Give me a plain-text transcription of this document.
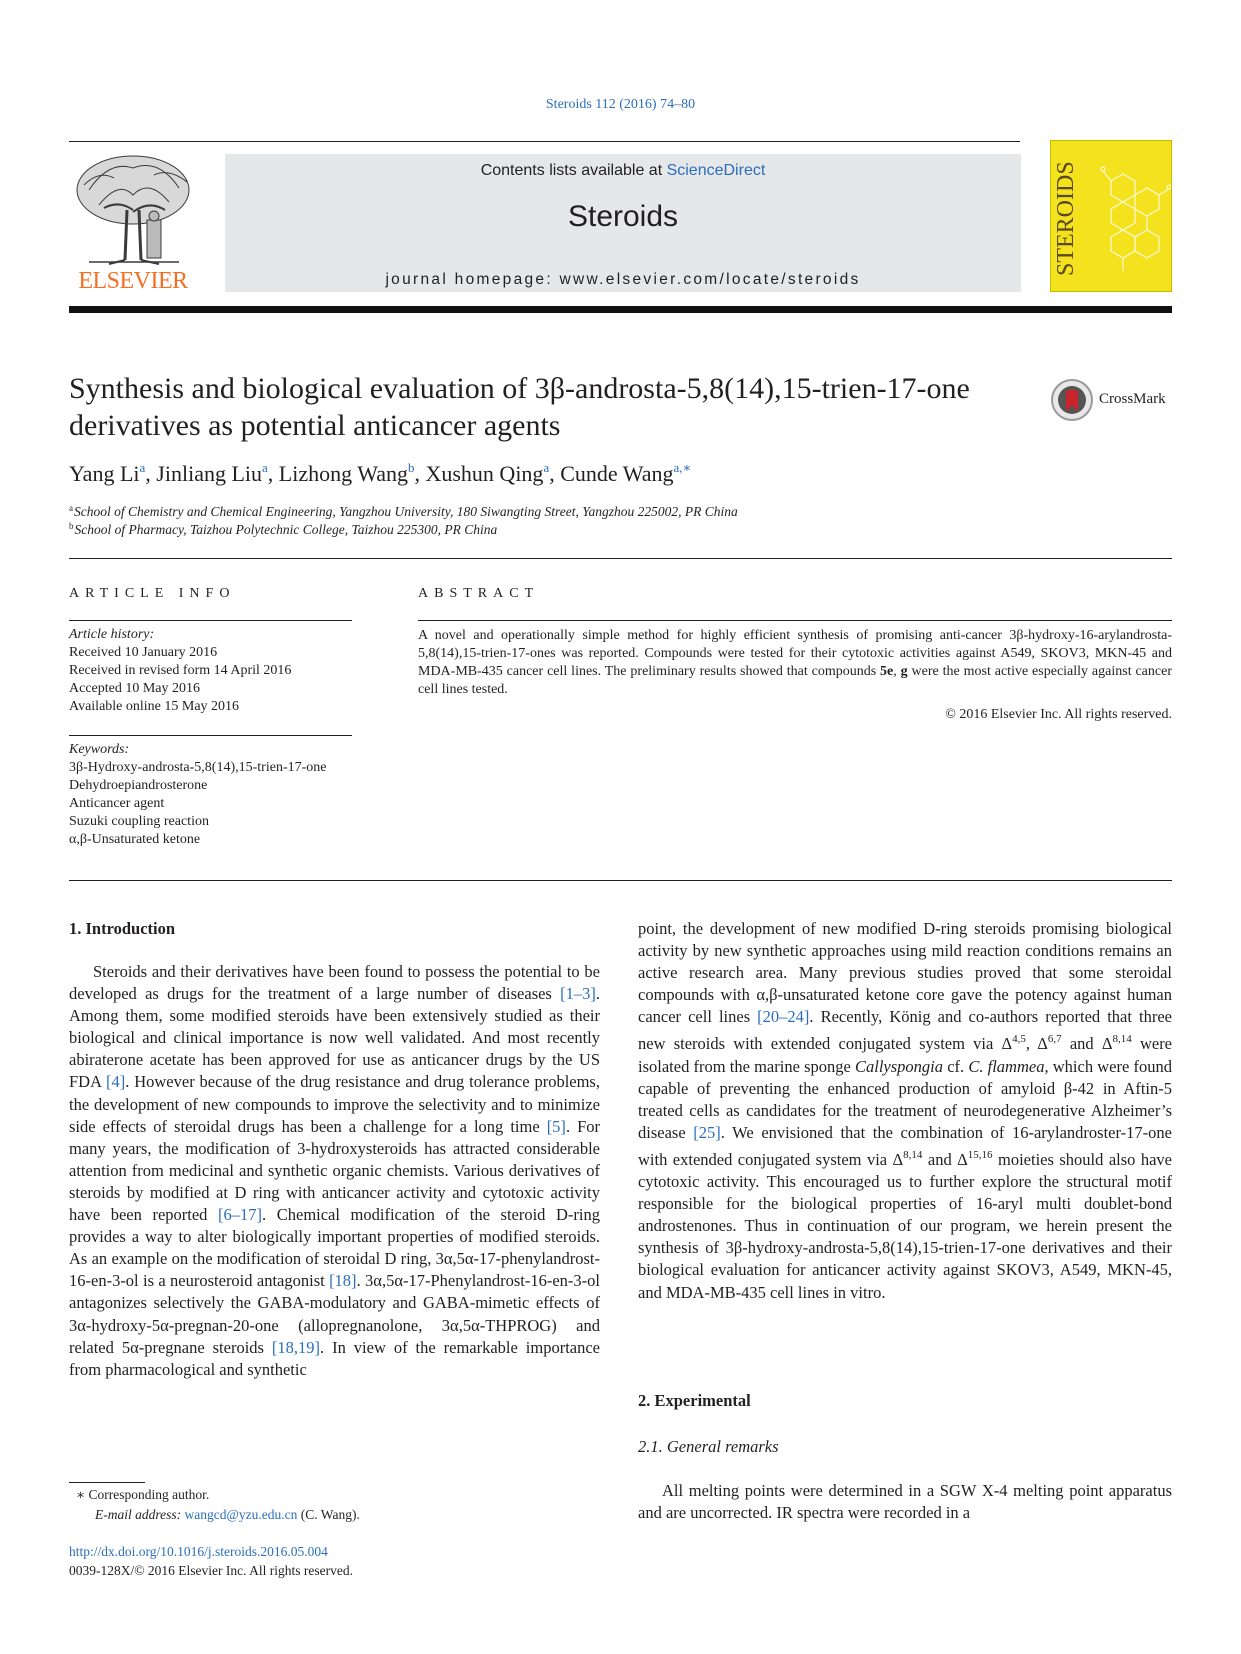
Steroids 112 (2016) 74–80
ELSEVIER
Contents lists available at ScienceDirect
Steroids
journal homepage: www.elsevier.com/locate/steroids
STEROIDS
Synthesis and biological evaluation of 3β-androsta-5,8(14),15-trien-17-one derivatives as potential anticancer agents
CrossMark
Yang Li$^a$, Jinliang Liu$^a$, Lizhong Wang$^b$, Xushun Qing$^a$, Cunde Wang$^{a,∗}$
$^a$School of Chemistry and Chemical Engineering, Yangzhou University, 180 Siwangting Street, Yangzhou 225002, PR China
$^b$School of Pharmacy, Taizhou Polytechnic College, Taizhou 225300, PR China
ARTICLE INFO
Article history:
Received 10 January 2016
Received in revised form 14 April 2016
Accepted 10 May 2016
Available online 15 May 2016
Keywords:
3β-Hydroxy-androsta-5,8(14),15-trien-17-one
Dehydroepiandrosterone
Anticancer agent
Suzuki coupling reaction
α,β-Unsaturated ketone
ABSTRACT
A novel and operationally simple method for highly efficient synthesis of promising anti-cancer 3β-hydroxy-16-arylandrosta-5,8(14),15-trien-17-ones was reported. Compounds were tested for their cytotoxic activities against A549, SKOV3, MKN-45 and MDA-MB-435 cancer cell lines. The preliminary results showed that compounds 5e, g were the most active especially against cancer cell lines tested.
© 2016 Elsevier Inc. All rights reserved.
1. Introduction
Steroids and their derivatives have been found to possess the potential to be developed as drugs for the treatment of a large number of diseases [1–3]. Among them, some modified steroids have been extensively studied as their biological and clinical importance is now well validated. And most recently abiraterone acetate has been approved for use as anticancer drugs by the US FDA [4]. However because of the drug resistance and drug tolerance problems, the development of new compounds to improve the selectivity and to minimize side effects of steroidal drugs has been a challenge for a long time [5]. For many years, the modification of 3-hydroxysteroids has attracted considerable attention from medicinal and synthetic organic chemists. Various derivatives of steroids by modified at D ring with anticancer activity and cytotoxic activity have been reported [6–17]. Chemical modification of the steroid D-ring provides a way to alter biologically important properties of modified steroids. As an example on the modification of steroidal D ring, 3α,5α-17-phenylandrost- 16-en-3-ol is a neurosteroid antagonist [18]. 3α,5α-17-Phenylandrost-16-en-3-ol antagonizes selectively the GABA-modulatory and GABA-mimetic effects of 3α-hydroxy-5α-pregnan-20-one (allopregnanolone, 3α,5α-THPROG) and related 5α-pregnane steroids [18,19]. In view of the remarkable importance from pharmacological and synthetic
point, the development of new modified D-ring steroids promising biological activity by new synthetic approaches using mild reaction conditions remains an active research area. Many previous studies proved that some steroidal compounds with α,β-unsaturated ketone core gave the potency against human cancer cell lines [20–24]. Recently, König and co-authors reported that three new steroids with extended conjugated system via Δ$^{4,5}$, Δ$^{6,7}$ and Δ$^{8,14}$ were isolated from the marine sponge Callyspongia cf. C. flammea, which were found capable of preventing the enhanced production of amyloid β-42 in Aftin-5 treated cells as candidates for the treatment of neurodegenerative Alzheimer’s disease [25]. We envisioned that the combination of 16-arylandroster-17-one with extended conjugated system via Δ$^{8,14}$ and Δ$^{15,16}$ moieties should also have cytotoxic activity. This encouraged us to further explore the structural motif responsible for the biological properties of 16-aryl multi doublet-bond androstenones. Thus in continuation of our program, we herein present the synthesis of 3β-hydroxy-androsta-5,8(14),15-trien-17-one derivatives and their biological evaluation for anticancer activity against SKOV3, A549, MKN-45, and MDA-MB-435 cell lines in vitro.
2. Experimental
2.1. General remarks
All melting points were determined in a SGW X-4 melting point apparatus and are uncorrected. IR spectra were recorded in a
∗ Corresponding author.
E-mail address: wangcd@yzu.edu.cn (C. Wang).
http://dx.doi.org/10.1016/j.steroids.2016.05.004
0039-128X/© 2016 Elsevier Inc. All rights reserved.
